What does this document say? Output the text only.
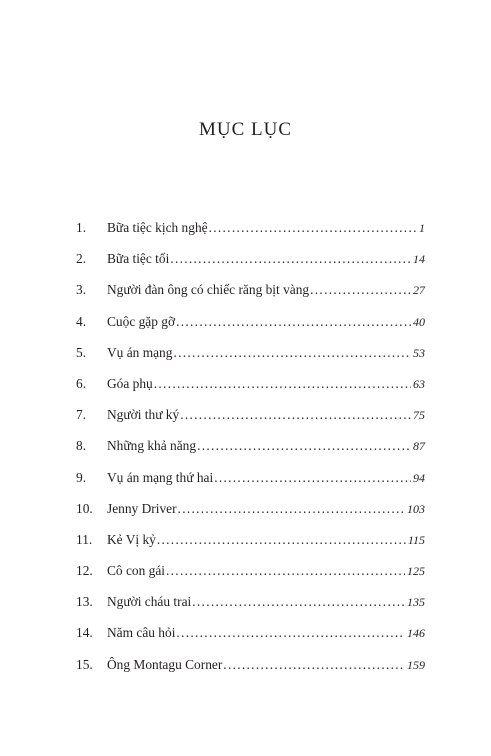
MỤC LỤC
1.	Bữa tiệc kịch nghệ .....	1
2.	Bữa tiệc tối .....	14
3.	Người đàn ông có chiếc răng bịt vàng .....	27
4.	Cuộc gặp gỡ .....	40
5.	Vụ án mạng .....	53
6.	Góa phụ .....	63
7.	Người thư ký .....	75
8.	Những khả năng .....	87
9.	Vụ án mạng thứ hai .....	94
10.	Jenny Driver .....	103
11.	Kẻ Vị kỷ .....	115
12.	Cô con gái .....	125
13.	Người cháu trai .....	135
14.	Năm câu hỏi .....	146
15.	Ông Montagu Corner .....	159
